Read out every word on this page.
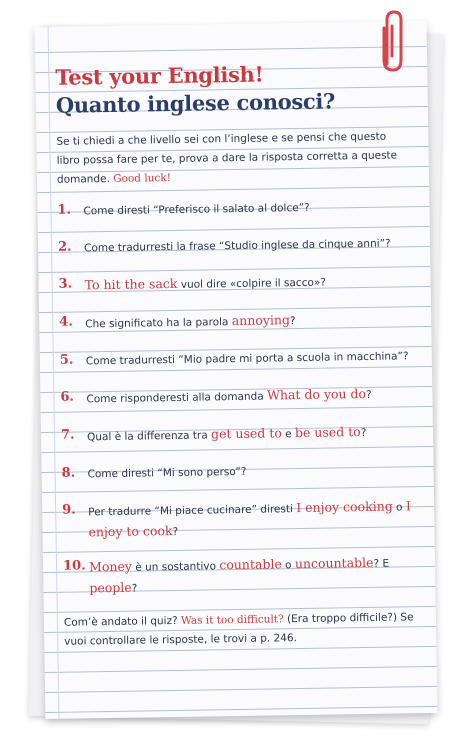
Test your English!
Quanto inglese conosci?

Se ti chiedi a che livello sei con l’inglese e se pensi che questo libro possa fare per te, prova a dare la risposta corretta a queste domande. Good luck!

1. Come diresti “Preferisco il salato al dolce”?
2. Come tradurresti la frase “Studio inglese da cinque anni”?
3. To hit the sack vuol dire «colpire il sacco»?
4. Che significato ha la parola annoying?
5. Come tradurresti “Mio padre mi porta a scuola in macchina”?
6. Come risponderesti alla domanda What do you do?
7. Qual è la differenza tra get used to e be used to?
8. Come diresti “Mi sono perso”?
9. Per tradurre “Mi piace cucinare” diresti I enjoy cooking o I enjoy to cook?
10. Money è un sostantivo countable o uncountable? E people?

Com’è andato il quiz? Was it too difficult? (Era troppo difficile?) Se vuoi controllare le risposte, le trovi a p. 246.
